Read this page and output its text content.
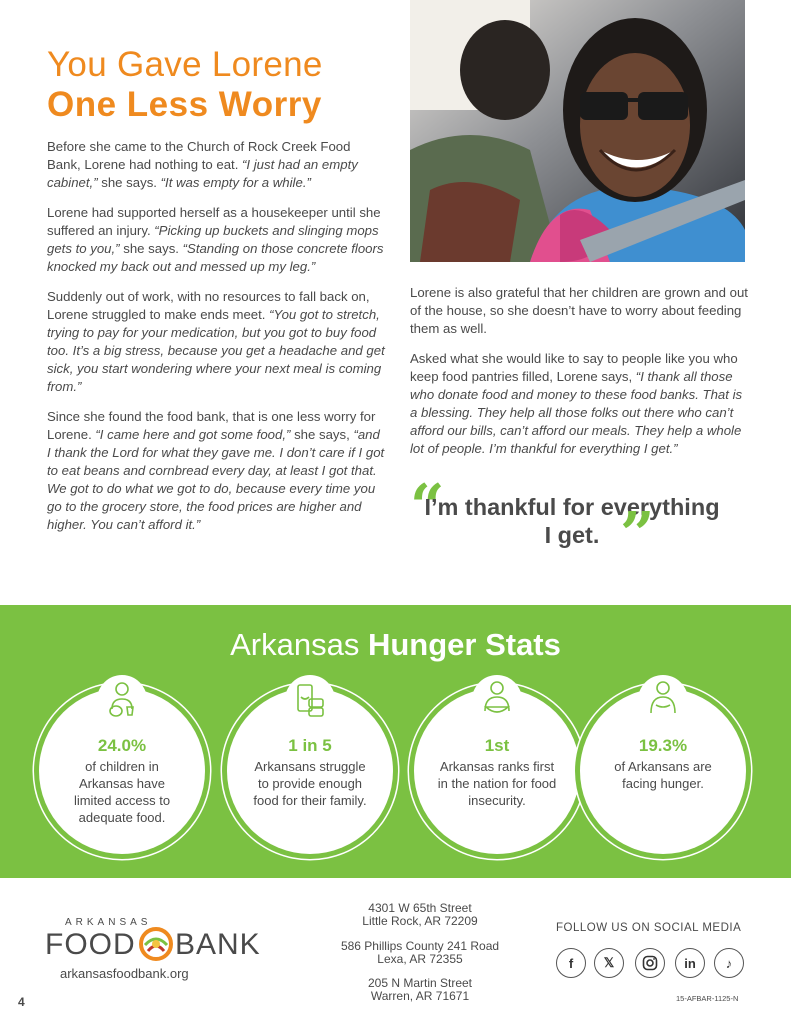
You Gave Lorene
One Less Worry

Before she came to the Church of Rock Creek Food Bank, Lorene had nothing to eat. “I just had an empty cabinet,” she says. “It was empty for a while.”

Lorene had supported herself as a housekeeper until she suffered an injury. “Picking up buckets and slinging mops gets to you,” she says. “Standing on those concrete floors knocked my back out and messed up my leg.”

Suddenly out of work, with no resources to fall back on, Lorene struggled to make ends meet. “You got to stretch, trying to pay for your medication, but you got to buy food too. It’s a big stress, because you get a headache and get sick, you start wondering where your next meal is coming from.”

Since she found the food bank, that is one less worry for Lorene. “I came here and got some food,” she says, “and I thank the Lord for what they gave me. I don’t care if I got to eat beans and cornbread every day, at least I got that. We got to do what we got to do, because every time you go to the grocery store, the food prices are higher and higher. You can’t afford it.”

Lorene is also grateful that her children are grown and out of the house, so she doesn’t have to worry about feeding them as well.

Asked what she would like to say to people like you who keep food pantries filled, Lorene says, “I thank all those who donate food and money to these food banks. That is a blessing. They help all those folks out there who can’t afford our bills, can’t afford our meals. They help a whole lot of people. I’m thankful for everything I get.”

“
I’m thankful for everything I get. ”
Arkansas Hunger Stats
24.0%
of children in Arkansas have limited access to adequate food.
1 in 5
Arkansans struggle to provide enough food for their family.
1st
Arkansas ranks first in the nation for food insecurity.
19.3%
of Arkansans are facing hunger.
ARKANSAS
FOOD BANK
arkansasfoodbank.org
4
4301 W 65th Street
Little Rock, AR 72209
586 Phillips County 241 Road
Lexa, AR 72355
205 N Martin Street
Warren, AR 71671
FOLLOW US ON SOCIAL MEDIA
f	𝕏	in	♪
15-AFBAR-1125-N
